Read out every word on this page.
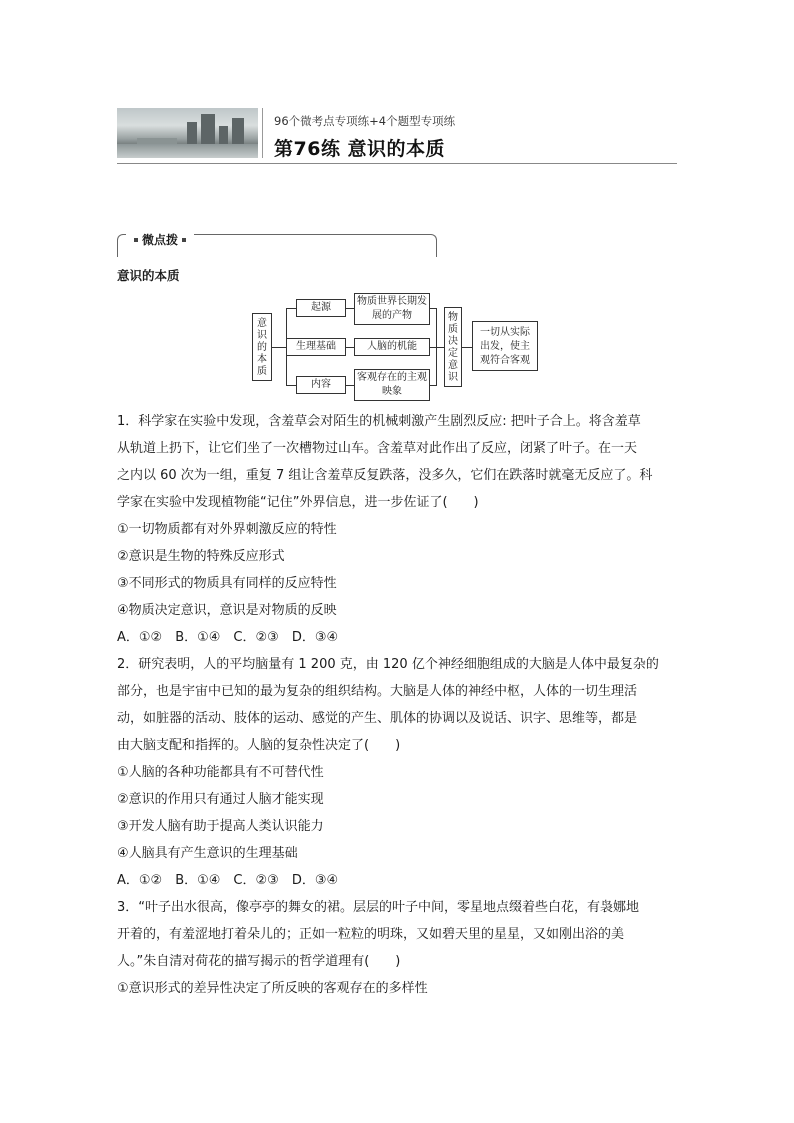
96个微考点专项练+4个题型专项练
第76练 意识的本质
微点拨
意识的本质
意
识
的
本
质
起源
生理基础
内容
物质世界长期发展的产物
人脑的机能
客观存在的主观映象
物
质
决
定
意
识
一切从实际出发，使主观符合客观
1．科学家在实验中发现，含羞草会对陌生的机械刺激产生剧烈反应: 把叶子合上。将含羞草
从轨道上扔下，让它们坐了一次槽物过山车。含羞草对此作出了反应，闭紧了叶子。在一天
之内以 60 次为一组，重复 7 组让含羞草反复跌落，没多久，它们在跌落时就毫无反应了。科
学家在实验中发现植物能“记住”外界信息，进一步佐证了(　　)
①一切物质都有对外界刺激反应的特性
②意识是生物的特殊反应形式
③不同形式的物质具有同样的反应特性
④物质决定意识，意识是对物质的反映
A．①②　B．①④　C．②③　D．③④
2．研究表明，人的平均脑量有 1 200 克，由 120 亿个神经细胞组成的大脑是人体中最复杂的
部分，也是宇宙中已知的最为复杂的组织结构。大脑是人体的神经中枢，人体的一切生理活
动，如脏器的活动、肢体的运动、感觉的产生、肌体的协调以及说话、识字、思维等，都是
由大脑支配和指挥的。人脑的复杂性决定了(　　)
①人脑的各种功能都具有不可替代性
②意识的作用只有通过人脑才能实现
③开发人脑有助于提高人类认识能力
④人脑具有产生意识的生理基础
A．①②　B．①④　C．②③　D．③④
3．“叶子出水很高，像亭亭的舞女的裙。层层的叶子中间，零星地点缀着些白花，有袅娜地
开着的，有羞涩地打着朵儿的；正如一粒粒的明珠，又如碧天里的星星，又如刚出浴的美
人。”朱自清对荷花的描写揭示的哲学道理有(　　)
①意识形式的差异性决定了所反映的客观存在的多样性
